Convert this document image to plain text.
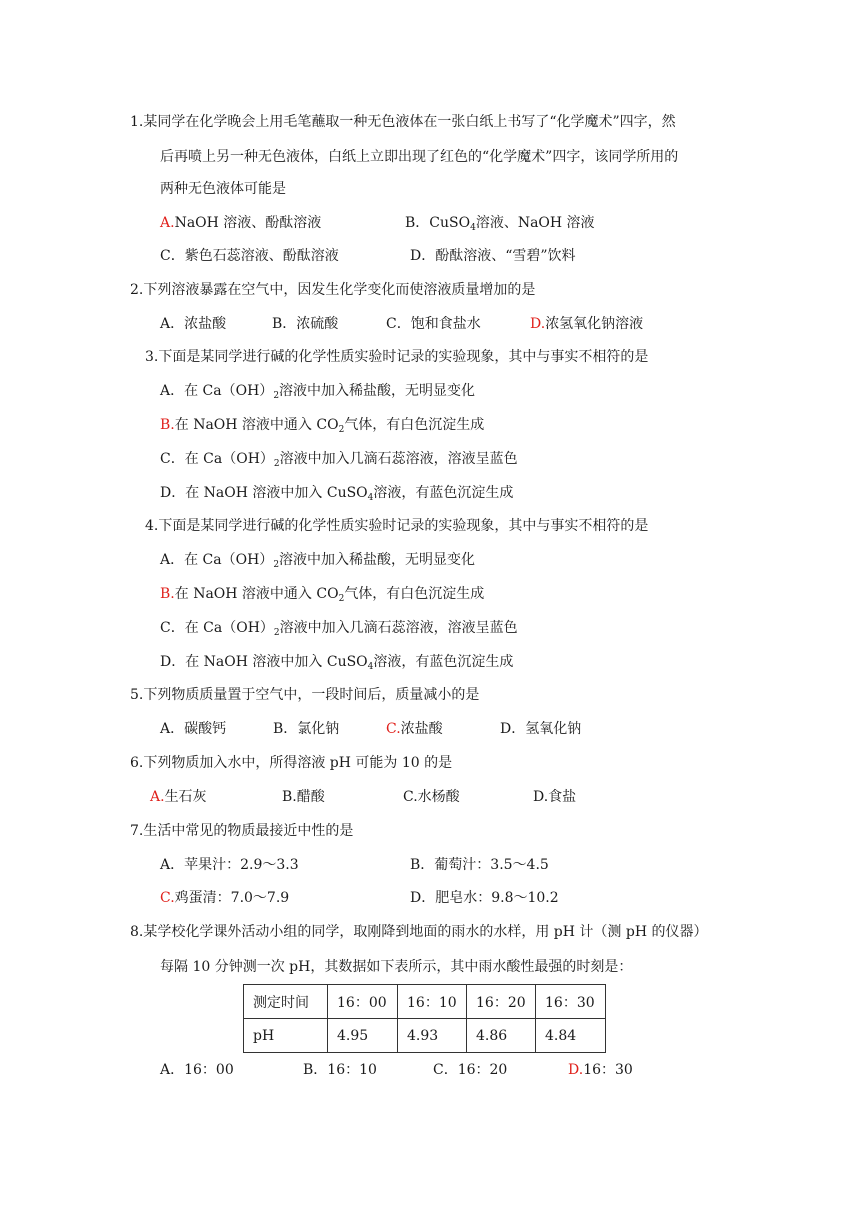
1.某同学在化学晚会上用毛笔蘸取一种无色液体在一张白纸上书写了“化学魔术”四字，然
后再喷上另一种无色液体，白纸上立即出现了红色的“化学魔术”四字，该同学所用的
两种无色液体可能是
A.NaOH 溶液、酚酞溶液	B．CuSO$_4$溶液、NaOH 溶液
C．紫色石蕊溶液、酚酞溶液	D．酚酞溶液、“雪碧”饮料
2.下列溶液暴露在空气中，因发生化学变化而使溶液质量增加的是
A．浓盐酸	B．浓硫酸	C．饱和食盐水	D.浓氢氧化钠溶液
3.下面是某同学进行碱的化学性质实验时记录的实验现象，其中与事实不相符的是
A．在 $Ca(OH)_2$溶液中加入稀盐酸，无明显变化
B.在 NaOH 溶液中通入 $CO_2$气体，有白色沉淀生成
C．在 $Ca(OH)_2$溶液中加入几滴石蕊溶液，溶液呈蓝色
D．在 NaOH 溶液中加入 CuSO$_4$溶液，有蓝色沉淀生成
4.下面是某同学进行碱的化学性质实验时记录的实验现象，其中与事实不相符的是
A．在 $Ca(OH)_2$溶液中加入稀盐酸，无明显变化
B.在 NaOH 溶液中通入 $CO_2$气体，有白色沉淀生成
C．在 $Ca(OH)_2$溶液中加入几滴石蕊溶液，溶液呈蓝色
D．在 NaOH 溶液中加入 CuSO$_4$溶液，有蓝色沉淀生成
5.下列物质质量置于空气中，一段时间后，质量减小的是
A．碳酸钙	B．氯化钠	C.浓盐酸	D．氢氧化钠
6.下列物质加入水中，所得溶液 pH 可能为 10 的是
A.生石灰	B.醋酸	C.水杨酸	D.食盐
7.生活中常见的物质最接近中性的是
A．苹果汁：2.9～3.3	B．葡萄汁：3.5～4.5
C.鸡蛋清：7.0～7.9	D．肥皂水：9.8～10.2
8.某学校化学课外活动小组的同学，取刚降到地面的雨水的水样，用 pH 计（测 pH 的仪器）
每隔 10 分钟测一次 pH，其数据如下表所示，其中雨水酸性最强的时刻是：
测定时间	16：00	16：10	16：20	16：30
pH	4.95	4.93	4.86	4.84
A．16：00	B．16：10	C．16：20	D.16：30
